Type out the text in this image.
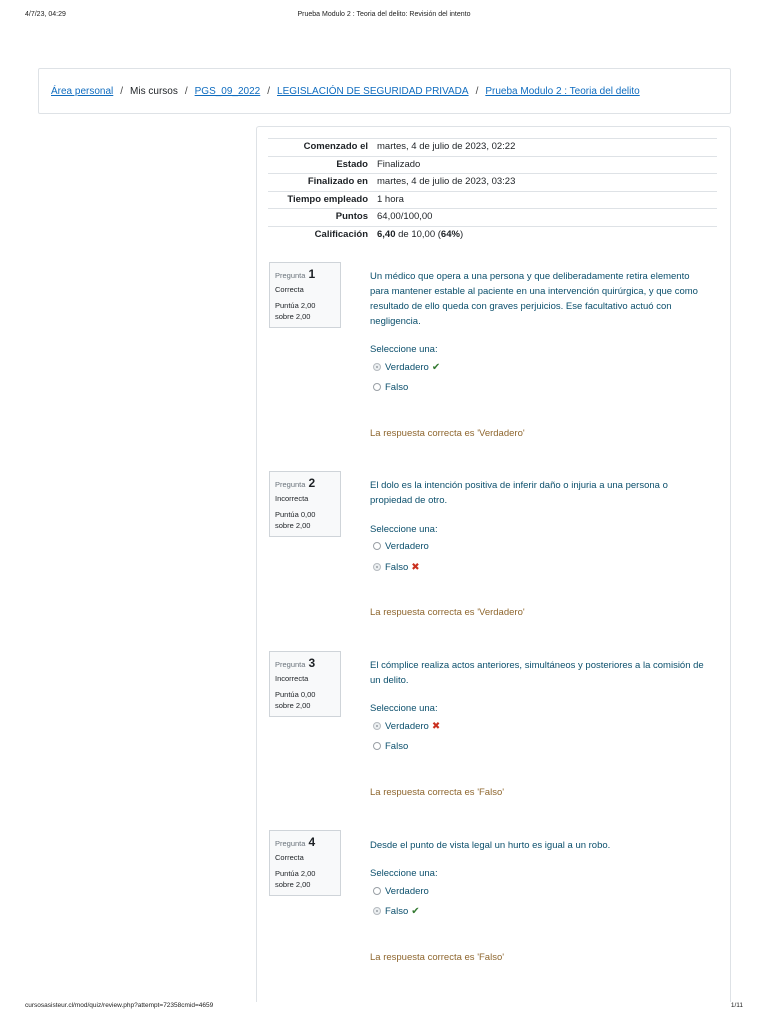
4/7/23, 04:29	Prueba Modulo 2 : Teoria del delito: Revisión del intento
Área personal / Mis cursos / PGS_09_2022 / LEGISLACIÓN DE SEGURIDAD PRIVADA / Prueba Modulo 2 : Teoria del delito
Comenzado el	martes, 4 de julio de 2023, 02:22
Estado	Finalizado
Finalizado en	martes, 4 de julio de 2023, 03:23
Tiempo empleado	1 hora
Puntos	64,00/100,00
Calificación	6,40 de 10,00 (64%)
Pregunta 1
Correcta
Puntúa 2,00 sobre 2,00
Un médico que opera a una persona y que deliberadamente retira elemento para mantener estable al paciente en una intervención quirúrgica, y que como resultado de ello queda con graves perjuicios. Ese facultativo actuó con negligencia.
Seleccione una:
Verdadero ✔
Falso
La respuesta correcta es 'Verdadero'
Pregunta 2
Incorrecta
Puntúa 0,00 sobre 2,00
El dolo es la intención positiva de inferir daño o injuria a una persona o propiedad de otro.
Seleccione una:
Verdadero
Falso ✖
La respuesta correcta es 'Verdadero'
Pregunta 3
Incorrecta
Puntúa 0,00 sobre 2,00
El cómplice realiza actos anteriores, simultáneos y posteriores a la comisión de un delito.
Seleccione una:
Verdadero ✖
Falso
La respuesta correcta es 'Falso'
Pregunta 4
Correcta
Puntúa 2,00 sobre 2,00
Desde el punto de vista legal un hurto es igual a un robo.
Seleccione una:
Verdadero
Falso ✔
La respuesta correcta es 'Falso'
cursosasisteur.cl/mod/quiz/review.php?attempt=72358cmid=4659	1/11
